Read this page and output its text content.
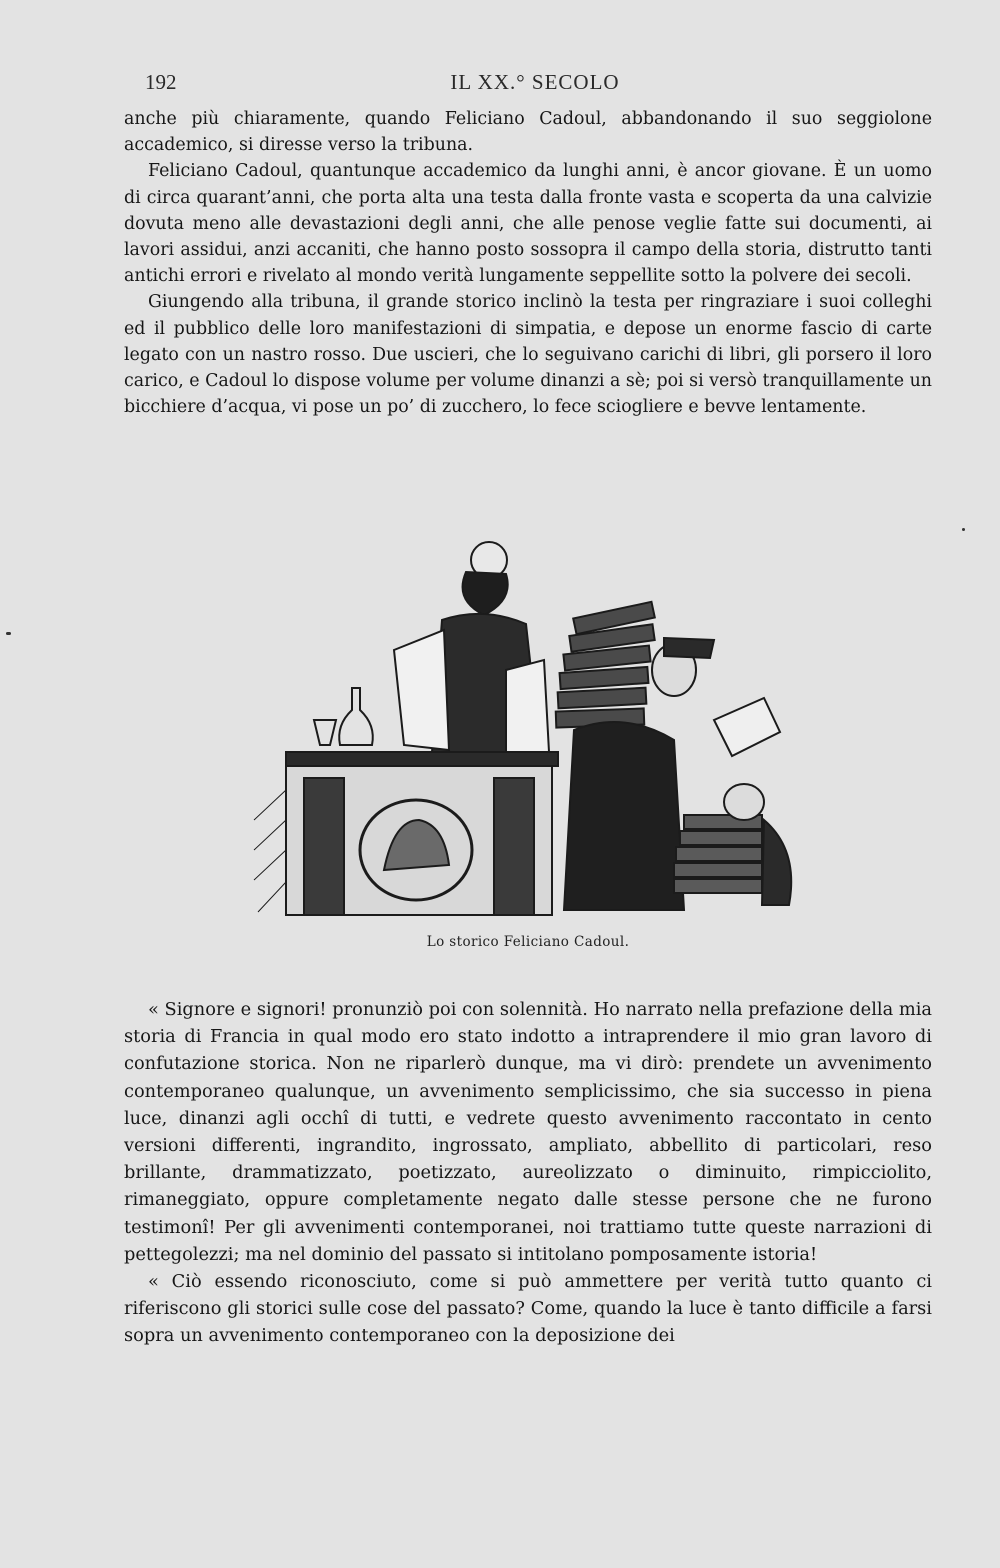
192	IL XX.° SECOLO

anche più chiaramente, quando Feliciano Cadoul, abbandonando il suo seggiolone accademico, si diresse verso la tribuna.

Feliciano Cadoul, quantunque accademico da lunghi anni, è ancor giovane. È un uomo di circa quarant’anni, che porta alta una testa dalla fronte vasta e scoperta da una calvizie dovuta meno alle devastazioni degli anni, che alle penose veglie fatte sui documenti, ai lavori assidui, anzi accaniti, che hanno posto sossopra il campo della storia, distrutto tanti antichi errori e rivelato al mondo verità lungamente seppellite sotto la polvere dei secoli.

Giungendo alla tribuna, il grande storico inclinò la testa per ringraziare i suoi colleghi ed il pubblico delle loro manifestazioni di simpatia, e depose un enorme fascio di carte legato con un nastro rosso. Due uscieri, che lo seguivano carichi di libri, gli porsero il loro carico, e Cadoul lo dispose volume per volume dinanzi a sè; poi si versò tranquillamente un bicchiere d’acqua, vi pose un po’ di zucchero, lo fece sciogliere e bevve lentamente.

Lo storico Feliciano Cadoul.

« Signore e signori! pronunziò poi con solennità. Ho narrato nella prefazione della mia storia di Francia in qual modo ero stato indotto a intraprendere il mio gran lavoro di confutazione storica. Non ne riparlerò dunque, ma vi dirò: prendete un avvenimento contemporaneo qualunque, un avvenimento semplicissimo, che sia successo in piena luce, dinanzi agli occhî di tutti, e vedrete questo avvenimento raccontato in cento versioni differenti, ingrandito, ingrossato, ampliato, abbellito di particolari, reso brillante, drammatizzato, poetizzato, aureolizzato o diminuito, rimpicciolito, rimaneggiato, oppure completamente negato dalle stesse persone che ne furono testimonî! Per gli avvenimenti contemporanei, noi trattiamo tutte queste narrazioni di pettegolezzi; ma nel dominio del passato si intitolano pomposamente istoria!

« Ciò essendo riconosciuto, come si può ammettere per verità tutto quanto ci riferiscono gli storici sulle cose del passato? Come, quando la luce è tanto difficile a farsi sopra un avvenimento contemporaneo con la deposizione dei
